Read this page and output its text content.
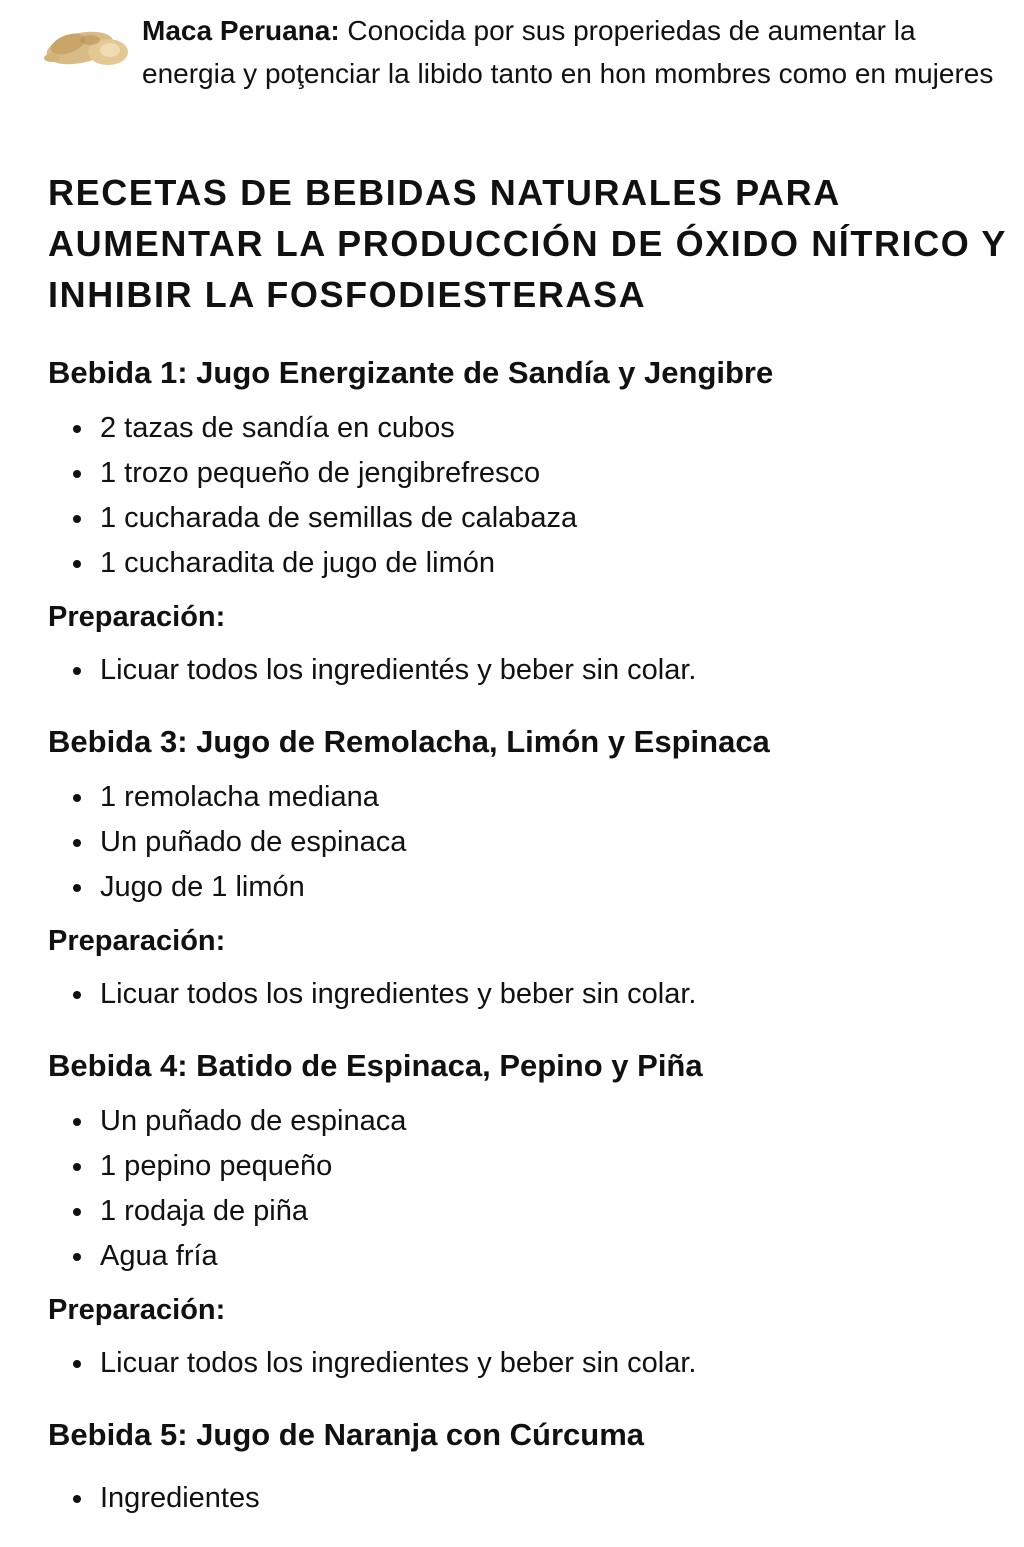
Maca Peruana: Conocida por sus properiedas de aumentar la energia y poţenciar la libido tanto en hon mombres como en mujeres
RECETAS DE BEBIDAS NATURALES PARA AUMENTAR LA PRODUCCIÓN DE ÓXIDO NÍTRICO Y INHIBIR LA FOSFODIESTERASA
Bebida 1: Jugo Energizante de Sandía y Jengibre
2 tazas de sandía en cubos
1 trozo pequeño de jengibrefresco
1 cucharada de semillas de calabaza
1 cucharadita de jugo de limón
Preparación:
Licuar todos los ingredientés y beber sin colar.
Bebida 3: Jugo de Remolacha, Limón y Espinaca
1 remolacha mediana
Un puñado de espinaca
Jugo de 1 limón
Preparación:
Licuar todos los ingredientes y beber sin colar.
Bebida 4: Batido de Espinaca, Pepino y Piña
Un puñado de espinaca
1 pepino pequeño
1 rodaja de piña
Agua fría
Preparación:
Licuar todos los ingredientes y beber sin colar.
Bebida 5: Jugo de Naranja con Cúrcuma
Ingredientes
